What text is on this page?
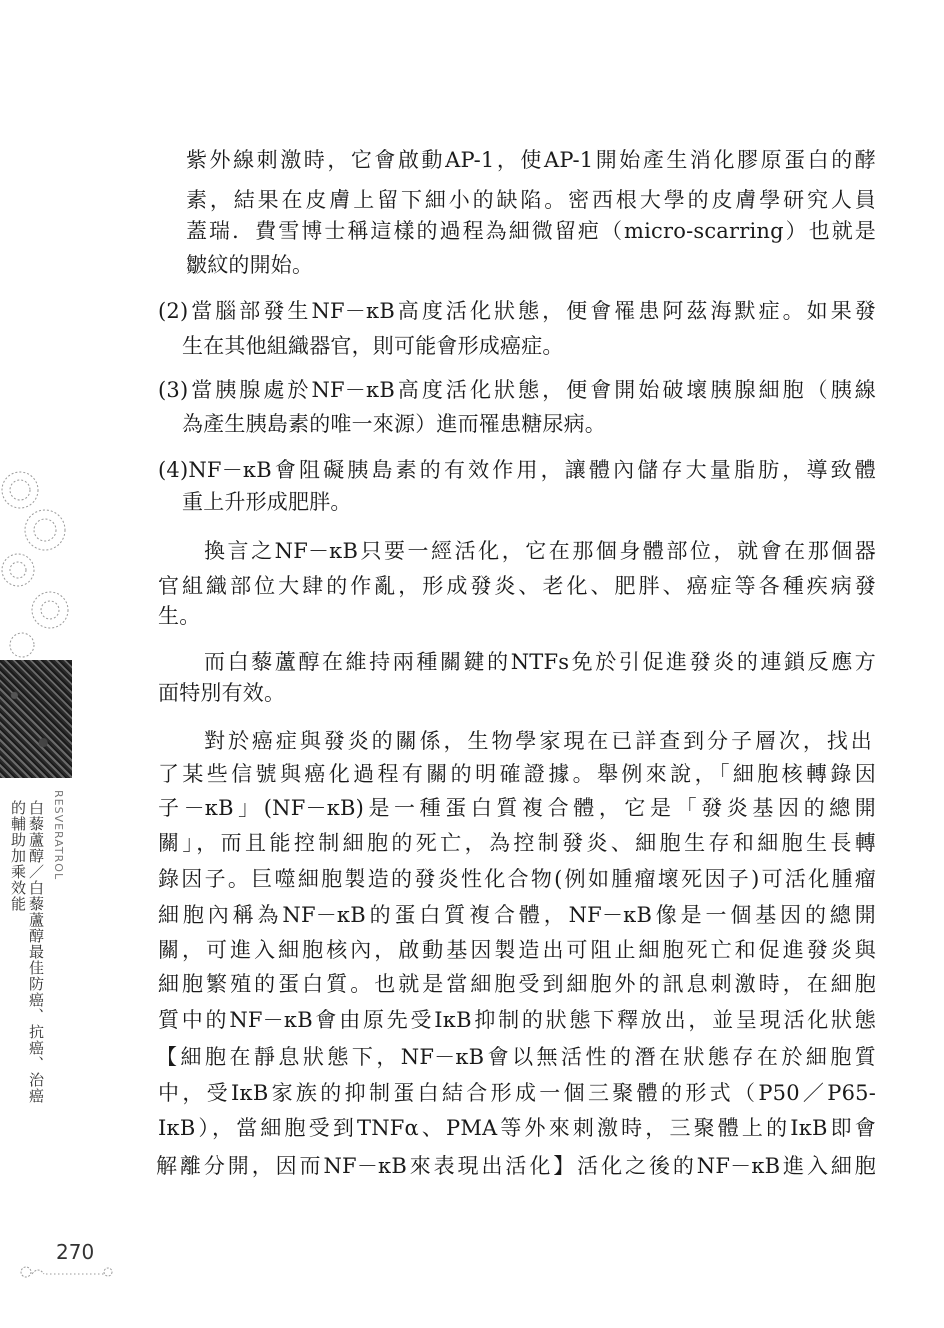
RESVERATROL
白藜蘆醇／白藜蘆醇最佳防癌、抗癌、治癌
的輔助加乘效能
紫外線刺激時，它會啟動AP-1，使AP-1開始產生消化膠原蛋白的酵
素，結果在皮膚上留下細小的缺陷。密西根大學的皮膚學研究人員
蓋瑞．費雪博士稱這樣的過程為細微留疤（micro-scarring）也就是
皺紋的開始。
(2)當腦部發生NF－κB高度活化狀態，便會罹患阿茲海默症。如果發
生在其他組織器官，則可能會形成癌症。
(3)當胰腺處於NF－κB高度活化狀態，便會開始破壞胰腺細胞（胰線
為產生胰島素的唯一來源）進而罹患糖尿病。
(4)NF－κB會阻礙胰島素的有效作用，讓體內儲存大量脂肪，導致體
重上升形成肥胖。
換言之NF－κB只要一經活化，它在那個身體部位，就會在那個器
官組織部位大肆的作亂，形成發炎、老化、肥胖、癌症等各種疾病發
生。
而白藜蘆醇在維持兩種關鍵的NTFs免於引促進發炎的連鎖反應方
面特別有效。
對於癌症與發炎的關係，生物學家現在已詳查到分子層次，找出
了某些信號與癌化過程有關的明確證據。舉例來說，「細胞核轉錄因
子－κB」(NF－κB)是一種蛋白質複合體，它是「發炎基因的總開
關」，而且能控制細胞的死亡，為控制發炎、細胞生存和細胞生長轉
錄因子。巨噬細胞製造的發炎性化合物(例如腫瘤壞死因子)可活化腫瘤
細胞內稱為NF－κB的蛋白質複合體，NF－κB像是一個基因的總開
關，可進入細胞核內，啟動基因製造出可阻止細胞死亡和促進發炎與
細胞繁殖的蛋白質。也就是當細胞受到細胞外的訊息刺激時，在細胞
質中的NF－κB會由原先受IκB抑制的狀態下釋放出，並呈現活化狀態
【細胞在靜息狀態下，NF－κB會以無活性的潛在狀態存在於細胞質
中，受IκB家族的抑制蛋白結合形成一個三聚體的形式（P50／P65-
IκB），當細胞受到TNFα、PMA等外來刺激時，三聚體上的IκB即會
解離分開，因而NF－κB來表現出活化】活化之後的NF－κB進入細胞
270
